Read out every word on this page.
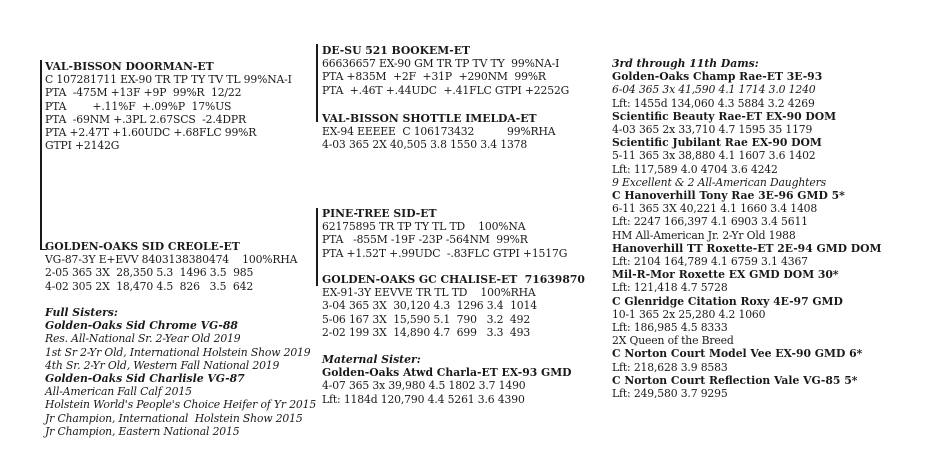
VAL-BISSON DOORMAN-ET
C 107281711 EX-90 TR TP TY TV TL 99%NA-I
PTA  -475M +13F +9P  99%R  12/22
PTA        +.11%F  +.09%P  17%US
PTA  -69NM +.3PL 2.67SCS  -2.4DPR
PTA +2.47T +1.60UDC +.68FLC 99%R
GTPI +2142G
GOLDEN-OAKS SID CREOLE-ET
VG-87-3Y E+EVV 8403138380474    100%RHA
2-05 365 3X  28,350 5.3  1496 3.5  985
4-02 305 2X  18,470 4.5  826   3.5  642
Full Sisters:
Golden-Oaks Sid Chrome VG-88
Res. All-National Sr. 2-Year Old 2019
1st Sr 2-Yr Old, International Holstein Show 2019
4th Sr. 2-Yr Old, Western Fall National 2019
Golden-Oaks Sid Charlisle VG-87
All-American Fall Calf 2015
Holstein World's People's Choice Heifer of Yr 2015
Jr Champion, International  Holstein Show 2015
Jr Champion, Eastern National 2015
DE-SU 521 BOOKEM-ET
66636657 EX-90 GM TR TP TV TY  99%NA-I
PTA +835M  +2F  +31P  +290NM  99%R
PTA  +.46T +.44UDC  +.41FLC GTPI +2252G
VAL-BISSON SHOTTLE IMELDA-ET
EX-94 EEEEE  C 106173432          99%RHA
4-03 365 2X 40,505 3.8 1550 3.4 1378
PINE-TREE SID-ET
62175895 TR TP TY TL TD    100%NA
PTA   -855M -19F -23P -564NM  99%R
PTA +1.52T +.99UDC  -.83FLC GTPI +1517G
GOLDEN-OAKS GC CHALISE-ET  71639870
EX-91-3Y EEVVE TR TL TD    100%RHA
3-04 365 3X  30,120 4.3  1296 3.4  1014
5-06 167 3X  15,590 5.1  790   3.2  492
2-02 199 3X  14,890 4.7  699   3.3  493
Maternal Sister:
Golden-Oaks Atwd Charla-ET EX-93 GMD
4-07 365 3x 39,980 4.5 1802 3.7 1490
Lft: 1184d 120,790 4.4 5261 3.6 4390
3rd through 11th Dams:
Golden-Oaks Champ Rae-ET 3E-93
6-04 365 3x 41,590 4.1 1714 3.0 1240
Lft: 1455d 134,060 4.3 5884 3.2 4269
Scientific Beauty Rae-ET EX-90 DOM
4-03 365 2x 33,710 4.7 1595 35 1179
Scientific Jubilant Rae EX-90 DOM
5-11 365 3x 38,880 4.1 1607 3.6 1402
Lft: 117,589 4.0 4704 3.6 4242
9 Excellent & 2 All-American Daughters
C Hanoverhill Tony Rae 3E-96 GMD 5*
6-11 365 3X 40,221 4.1 1660 3.4 1408
Lft: 2247 166,397 4.1 6903 3.4 5611
HM All-American Jr. 2-Yr Old 1988
Hanoverhill TT Roxette-ET 2E-94 GMD DOM
Lft: 2104 164,789 4.1 6759 3.1 4367
Mil-R-Mor Roxette EX GMD DOM 30*
Lft: 121,418 4.7 5728
C Glenridge Citation Roxy 4E-97 GMD
10-1 365 2x 25,280 4.2 1060
Lft: 186,985 4.5 8333
2X Queen of the Breed
C Norton Court Model Vee EX-90 GMD 6*
Lft: 218,628 3.9 8583
C Norton Court Reflection Vale VG-85 5*
Lft: 249,580 3.7 9295
